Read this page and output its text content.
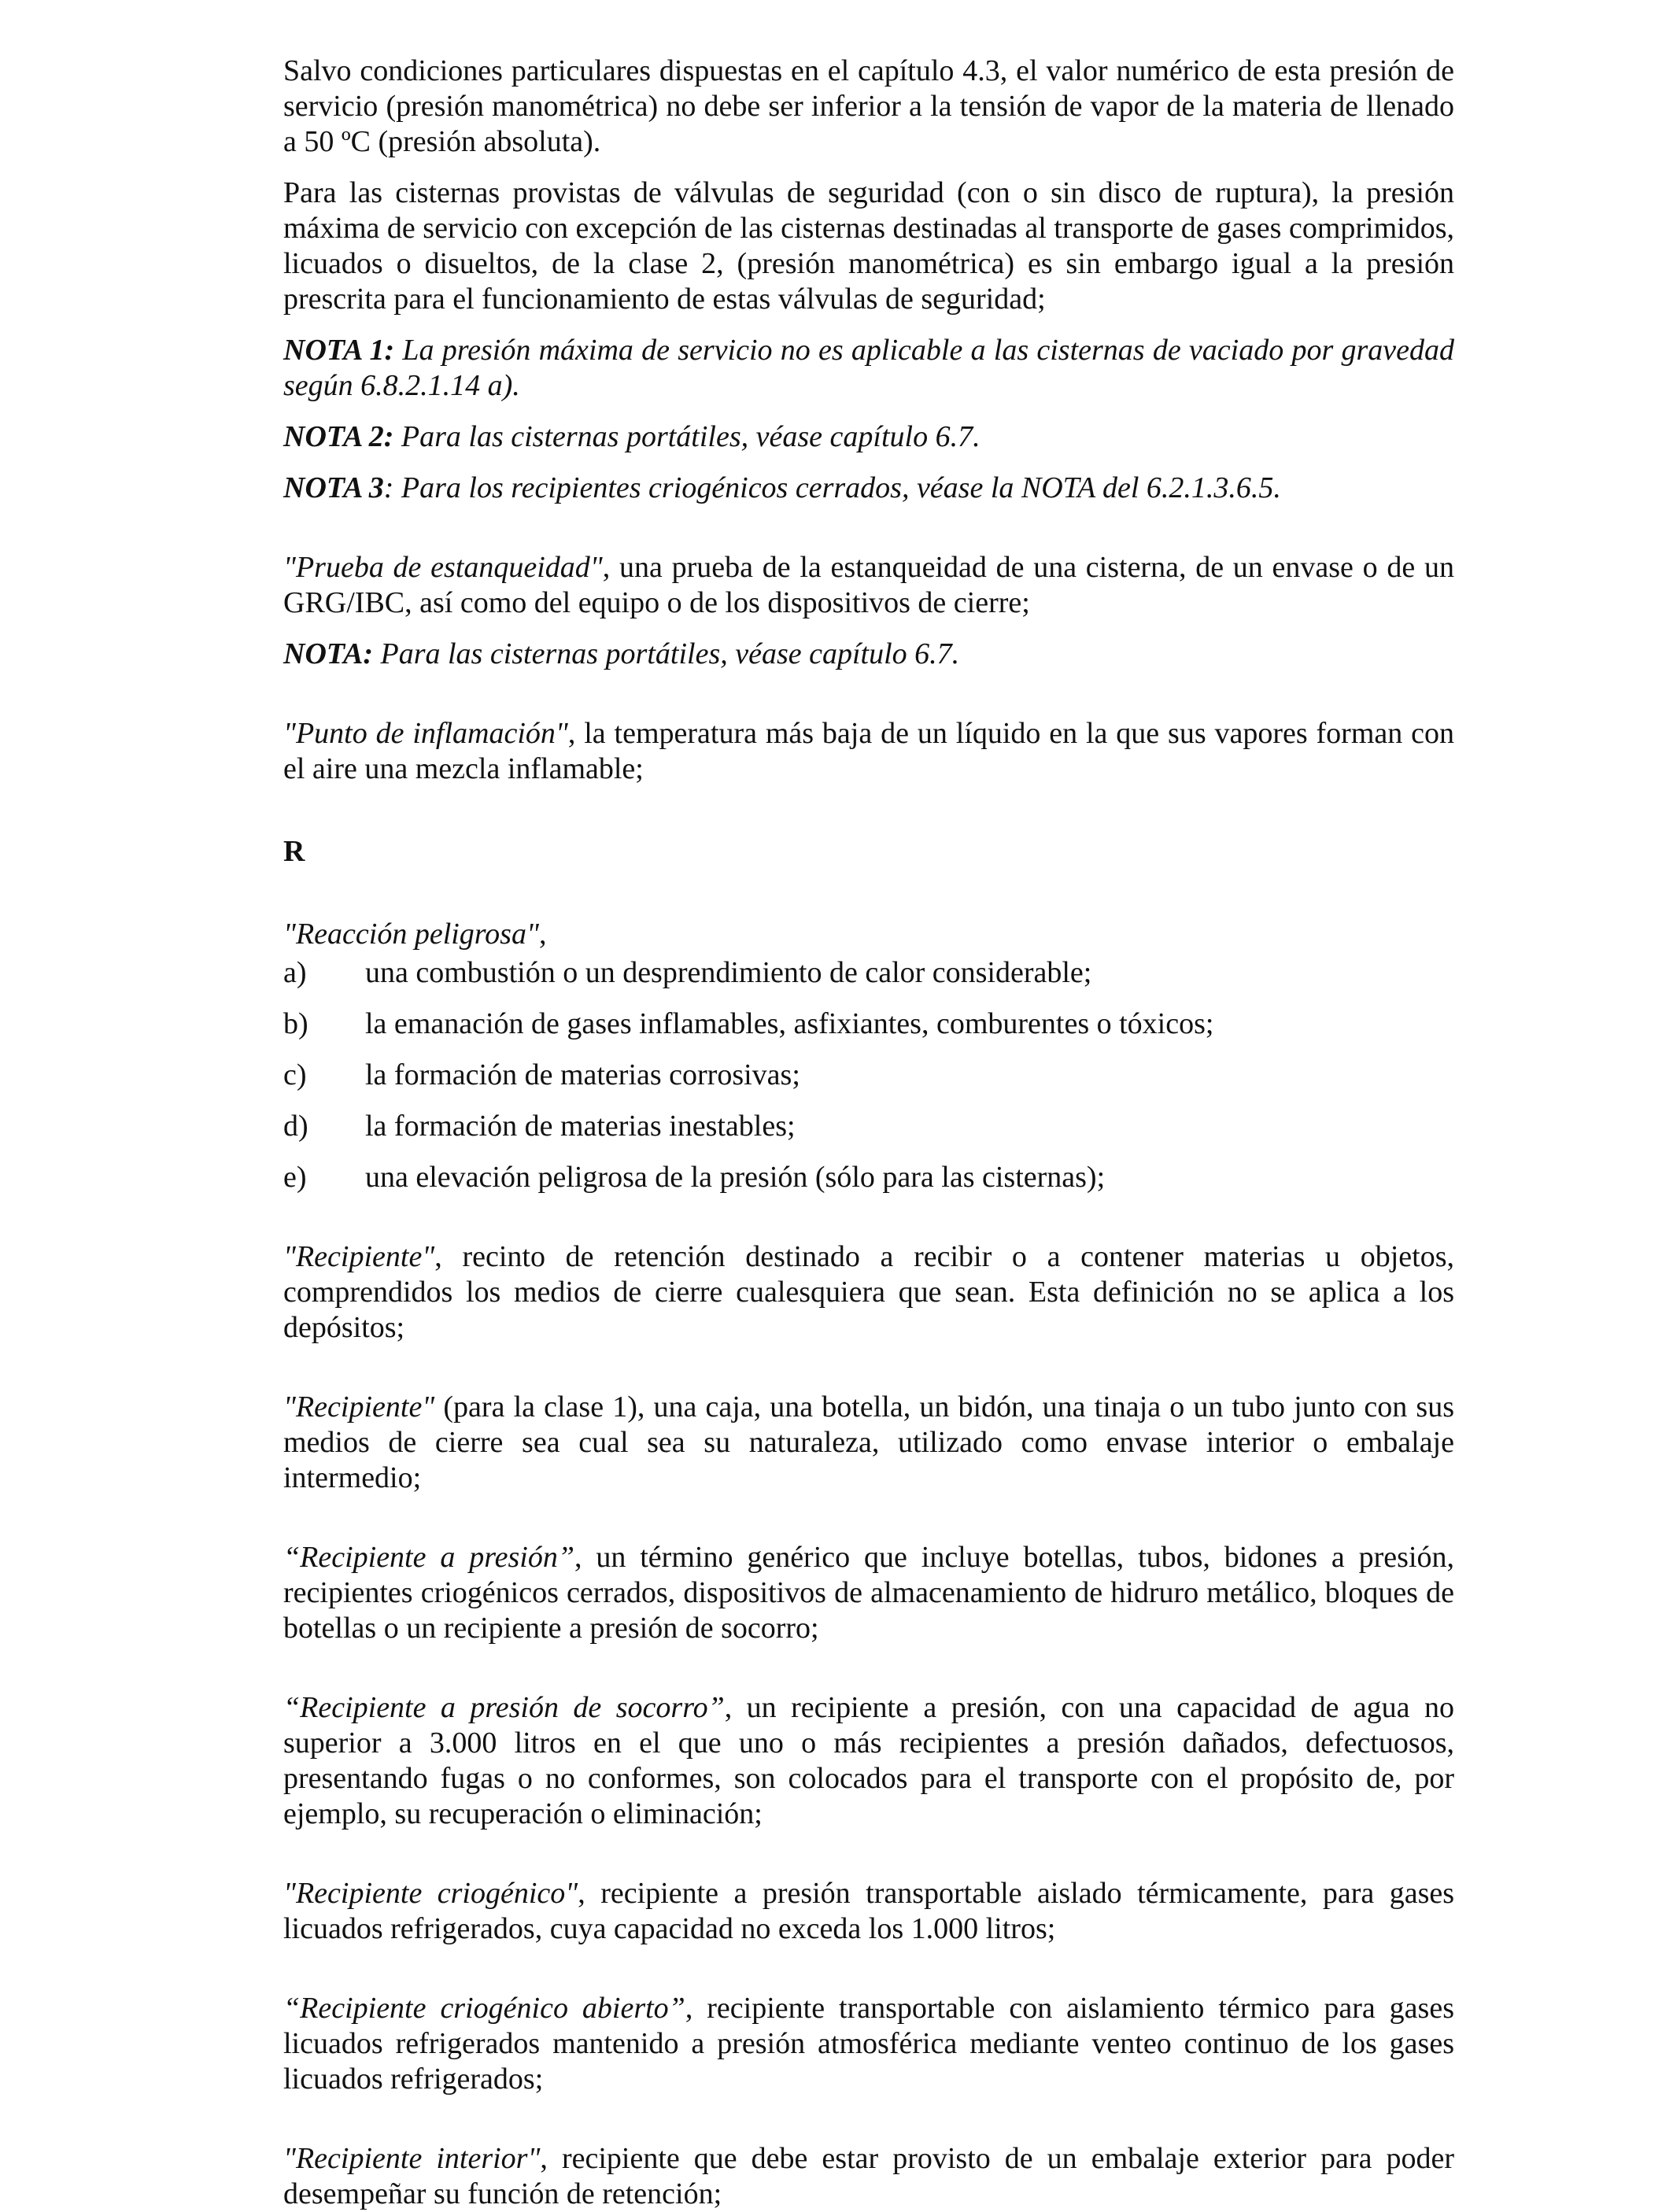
Salvo condiciones particulares dispuestas en el capítulo 4.3, el valor numérico de esta presión de servicio (presión manométrica) no debe ser inferior a la tensión de vapor de la materia de llenado a 50 ºC (presión absoluta).

Para las cisternas provistas de válvulas de seguridad (con o sin disco de ruptura), la presión máxima de servicio con excepción de las cisternas destinadas al transporte de gases comprimidos, licuados o disueltos, de la clase 2, (presión manométrica) es sin embargo igual a la presión prescrita para el funcionamiento de estas válvulas de seguridad;

NOTA 1: La presión máxima de servicio no es aplicable a las cisternas de vaciado por gravedad según 6.8.2.1.14 a).

NOTA 2: Para las cisternas portátiles, véase capítulo 6.7.

NOTA 3: Para los recipientes criogénicos cerrados, véase la NOTA del 6.2.1.3.6.5.

"Prueba de estanqueidad", una prueba de la estanqueidad de una cisterna, de un envase o de un GRG/IBC, así como del equipo o de los dispositivos de cierre;

NOTA: Para las cisternas portátiles, véase capítulo 6.7.

"Punto de inflamación", la temperatura más baja de un líquido en la que sus vapores forman con el aire una mezcla inflamable;

R

"Reacción peligrosa",

a)	una combustión o un desprendimiento de calor considerable;
b)	la emanación de gases inflamables, asfixiantes, comburentes o tóxicos;
c)	la formación de materias corrosivas;
d)	la formación de materias inestables;
e)	una elevación peligrosa de la presión (sólo para las cisternas);

"Recipiente", recinto de retención destinado a recibir o a contener materias u objetos, comprendidos los medios de cierre cualesquiera que sean. Esta definición no se aplica a los depósitos;

"Recipiente" (para la clase 1), una caja, una botella, un bidón, una tinaja o un tubo junto con sus medios de cierre sea cual sea su naturaleza, utilizado como envase interior o embalaje intermedio;

“Recipiente a presión”, un término genérico que incluye botellas, tubos, bidones a presión, recipientes criogénicos cerrados, dispositivos de almacenamiento de hidruro metálico, bloques de botellas o un recipiente a presión de socorro;

“Recipiente a presión de socorro”, un recipiente a presión, con una capacidad de agua no superior a 3.000 litros en el que uno o más recipientes a presión dañados, defectuosos, presentando fugas o no conformes, son colocados para el transporte con el propósito de, por ejemplo, su recuperación o eliminación;

"Recipiente criogénico", recipiente a presión transportable aislado térmicamente, para gases licuados refrigerados, cuya capacidad no exceda los 1.000 litros;

“Recipiente criogénico abierto”, recipiente transportable con aislamiento térmico para gases licuados refrigerados mantenido a presión atmosférica mediante venteo continuo de los gases licuados refrigerados;

"Recipiente interior", recipiente que debe estar provisto de un embalaje exterior para poder desempeñar su función de retención;
